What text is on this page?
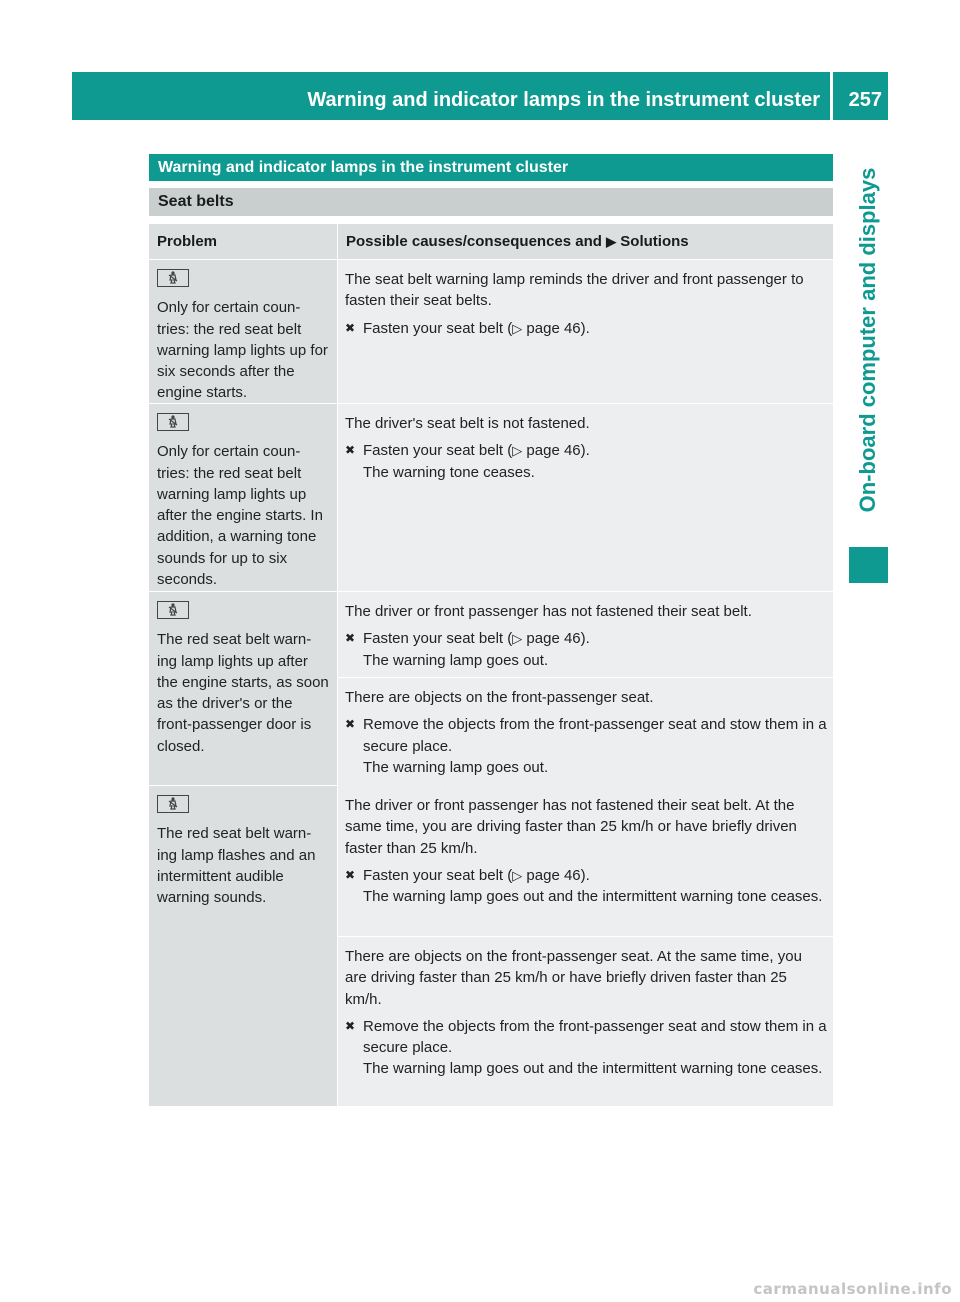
Warning and indicator lamps in the instrument cluster 257
On-board computer and displays
Warning and indicator lamps in the instrument cluster
Seat belts
Problem	Possible causes/consequences and ▶ Solutions
Only for certain coun-tries: the red seat belt warning lamp lights up for six seconds after the engine starts.
The seat belt warning lamp reminds the driver and front passenger to fasten their seat belts.
✖ Fasten your seat belt (▷ page 46).
Only for certain coun-tries: the red seat belt warning lamp lights up after the engine starts. In addition, a warning tone sounds for up to six seconds.
The driver's seat belt is not fastened.
✖ Fasten your seat belt (▷ page 46).
The warning tone ceases.
The red seat belt warn-ing lamp lights up after the engine starts, as soon as the driver's or the front-passenger door is closed.
The driver or front passenger has not fastened their seat belt.
✖ Fasten your seat belt (▷ page 46).
The warning lamp goes out.
There are objects on the front-passenger seat.
✖ Remove the objects from the front-passenger seat and stow them in a secure place.
The warning lamp goes out.
The red seat belt warn-ing lamp flashes and an intermittent audible warning sounds.
The driver or front passenger has not fastened their seat belt. At the same time, you are driving faster than 25 km/h or have briefly driven faster than 25 km/h.
✖ Fasten your seat belt (▷ page 46).
The warning lamp goes out and the intermittent warning tone ceases.
There are objects on the front-passenger seat. At the same time, you are driving faster than 25 km/h or have briefly driven faster than 25 km/h.
✖ Remove the objects from the front-passenger seat and stow them in a secure place.
The warning lamp goes out and the intermittent warning tone ceases.
carmanualsonline.info
